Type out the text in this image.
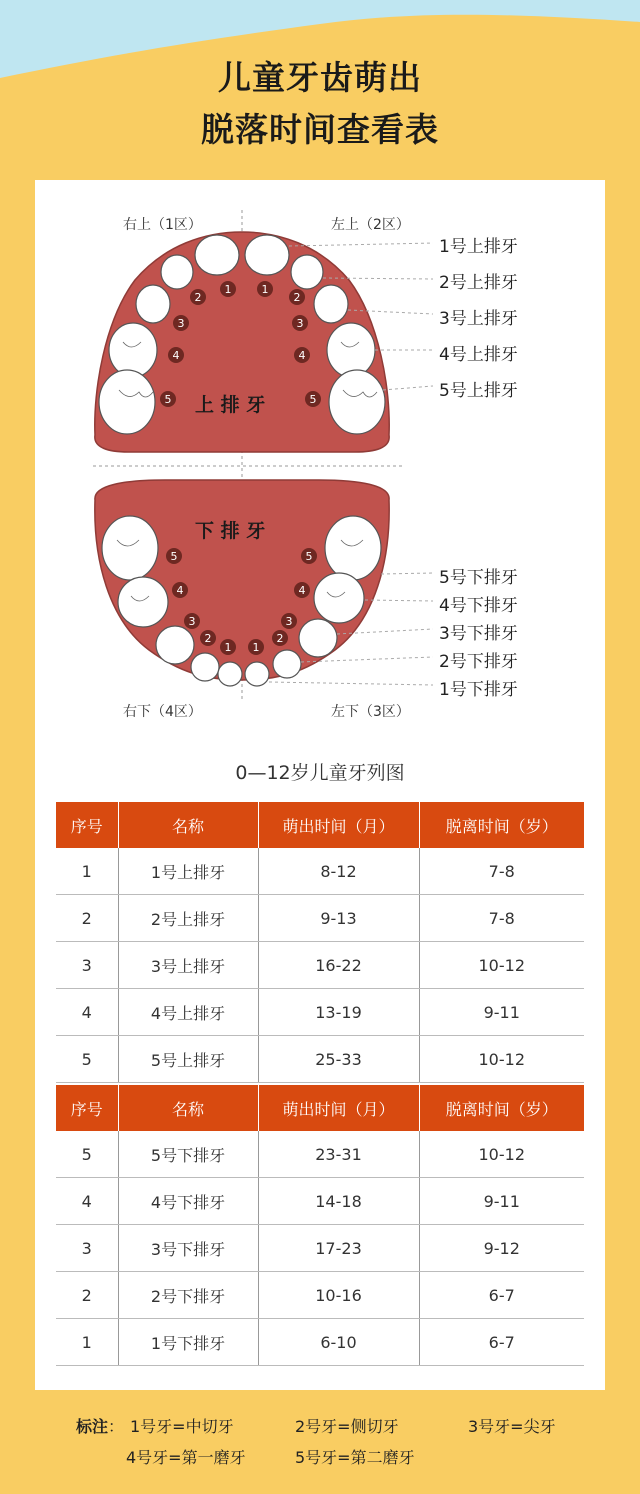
儿童牙齿萌出
脱落时间查看表
1	1
2	2
3	3
4	4
5	5
5	5
4	4
3	3
2	2
1 1
右上（1区）	左上（2区）
右下（4区）	左下（3区）
上 排 牙
下 排 牙
1号上排牙
2号上排牙
3号上排牙
4号上排牙
5号上排牙
5号下排牙
4号下排牙
3号下排牙
2号下排牙
1号下排牙
0—12岁儿童牙列图
序号	名称	萌出时间（月）	脱离时间（岁）
1	1号上排牙	8-12	7-8
2	2号上排牙	9-13	7-8
3	3号上排牙	16-22	10-12
4	4号上排牙	13-19	9-11
5	5号上排牙	25-33	10-12
序号	名称	萌出时间（月）	脱离时间（岁）
5	5号下排牙	23-31	10-12
4	4号下排牙	14-18	9-11
3	3号下排牙	17-23	9-12
2	2号下排牙	10-16	6-7
1	1号下排牙	6-10	6-7
标注： 1号牙=中切牙	2号牙=侧切牙	3号牙=尖牙
4号牙=第一磨牙	5号牙=第二磨牙
